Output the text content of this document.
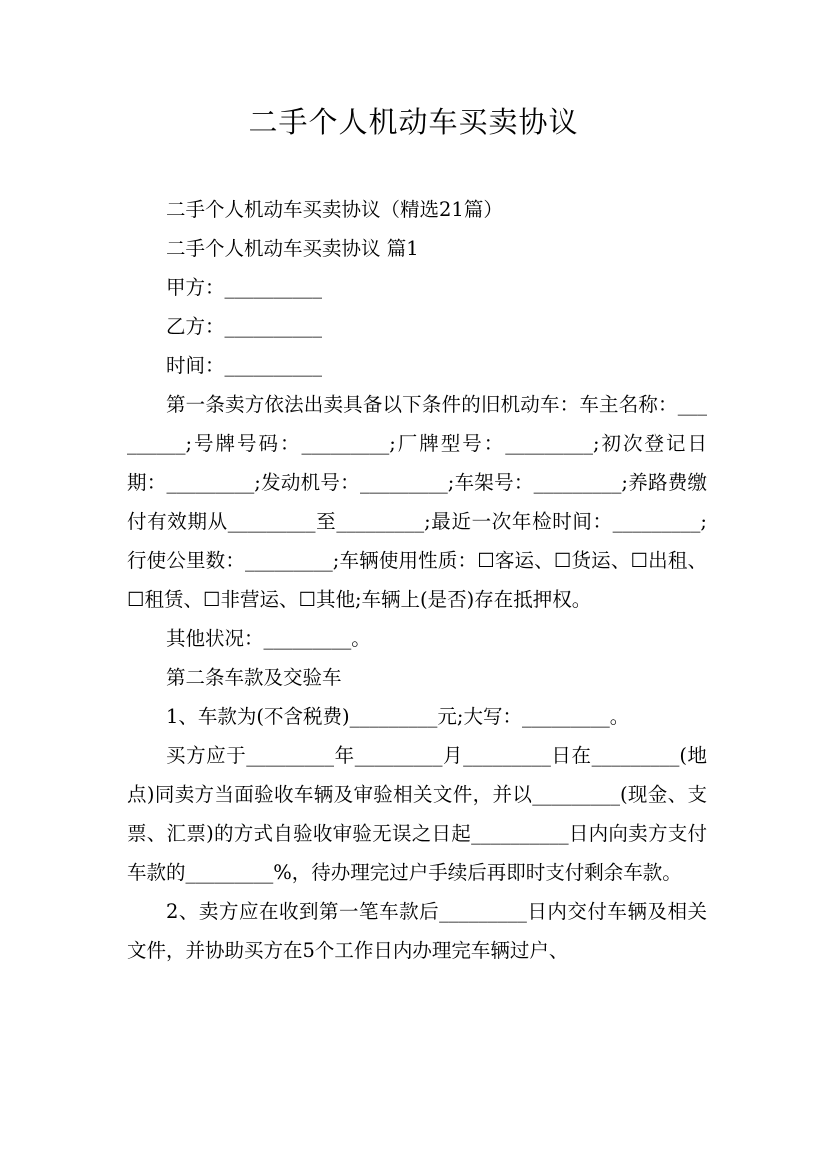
二手个人机动车买卖协议

二手个人机动车买卖协议（精选21篇）

二手个人机动车买卖协议 篇1

甲方：__________

乙方：__________

时间：__________

第一条卖方依法出卖具备以下条件的旧机动车：车主名称：_________;号牌号码：_________;厂牌型号：_________;初次登记日期：_________;发动机号：_________;车架号：_________;养路费缴付有效期从_________至_________;最近一次年检时间：_________;行使公里数：_________;车辆使用性质：☐客运、☐货运、☐出租、☐租赁、☐非营运、☐其他;车辆上(是否)存在抵押权。

其他状况：_________。

第二条车款及交验车

1、车款为(不含税费)_________元;大写：_________。

买方应于_________年_________月_________日在_________(地点)同卖方当面验收车辆及审验相关文件，并以_________(现金、支票、汇票)的方式自验收审验无误之日起__________日内向卖方支付车款的_________%，待办理完过户手续后再即时支付剩余车款。

2、卖方应在收到第一笔车款后_________日内交付车辆及相关文件，并协助买方在5个工作日内办理完车辆过户、
